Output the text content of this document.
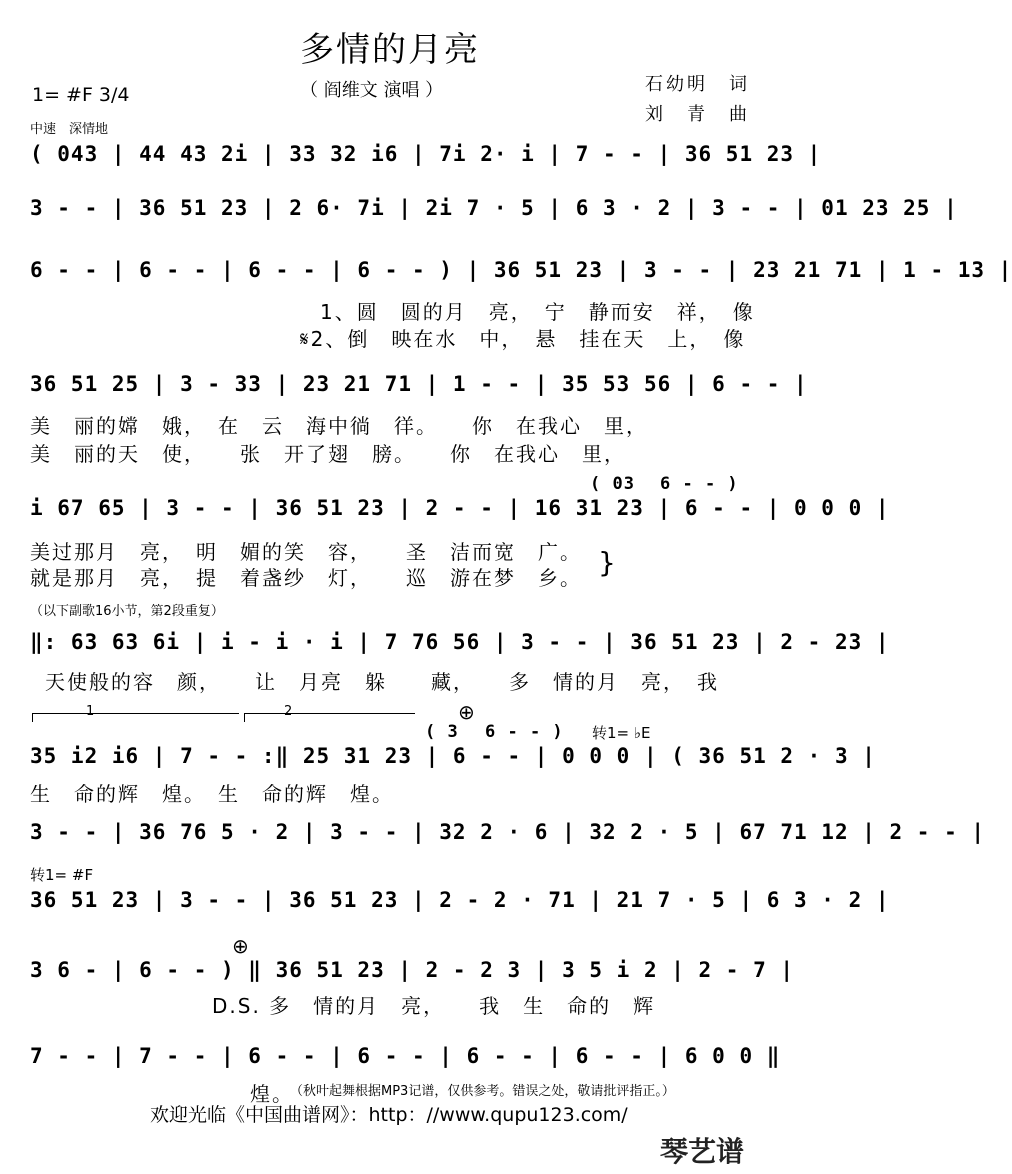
多情的月亮
（ 阎维文 演唱 ）	石幼明　词
刘　青　曲
1= #F 3/4
中速　深情地
( 043 | 44 43 2i | 33 32 i6 | 7i 2· i | 7 - - | 36 51 23 |
3 - - | 36 51 23 | 2 6· 7i | 2i 7 · 5 | 6 3 · 2 | 3 - - | 01 23 25 |
6 - - | 6 - - | 6 - - | 6 - - ) | 36 51 23 | 3 - - | 23 21 71 | 1 - 13 |
1、圆　圆的月　亮，　宁　静而安　祥，　像
𝄋2、倒　映在水　中，　悬　挂在天　上，　像
36 51 25 | 3 - 33 | 23 21 71 | 1 - - | 35 53 56 | 6 - - |
美　丽的嫦　娥，　在　云　海中徜　徉。　　你　在我心　里，
美　丽的天　使，　　张　开了翅　膀。　　你　在我心　里，
( 03 6 - - )
i 67 65 | 3 - - | 36 51 23 | 2 - - | 16 31 23 | 6 - - | 0 0 0 |
美过那月　亮，　明　媚的笑　容，　　圣　洁而宽　广。
就是那月　亮，　提　着盏纱　灯，　　巡　游在梦　乡。 }
（以下副歌16小节，第2段重复）
‖: 63 63 6i | i - i · i | 7 76 56 | 3 - - | 36 51 23 | 2 - 23 |
天使般的容　颜，　　让　月亮　躲　　藏，　　多　情的月　亮，　我
1	2
( 3 6 - - )
⊕
转1= ♭E
35 i2 i6 | 7 - - :‖ 25 31 23 | 6 - - | 0 0 0 | ( 36 51 2 · 3 |
生　命的辉　煌。　生　命的辉　煌。
3 - - | 36 76 5 · 2 | 3 - - | 32 2 · 6 | 32 2 · 5 | 67 71 12 | 2 - - |
转1= #F
36 51 23 | 3 - - | 36 51 23 | 2 - 2 · 71 | 21 7 · 5 | 6 3 · 2 |
⊕
3 6 - | 6 - - ) ‖ 36 51 23 | 2 - 2 3 | 3 5 i 2 | 2 - 7 |
D.S. 多　情的月　亮，　　我　生　命的　辉
7 - - | 7 - - | 6 - - | 6 - - | 6 - - | 6 - - | 6 0 0 ‖
煌。
（秋叶起舞根据MP3记谱，仅供参考。错误之处，敬请批评指正。）
欢迎光临《中国曲谱网》：http：//www.qupu123.com/
琴艺谱
